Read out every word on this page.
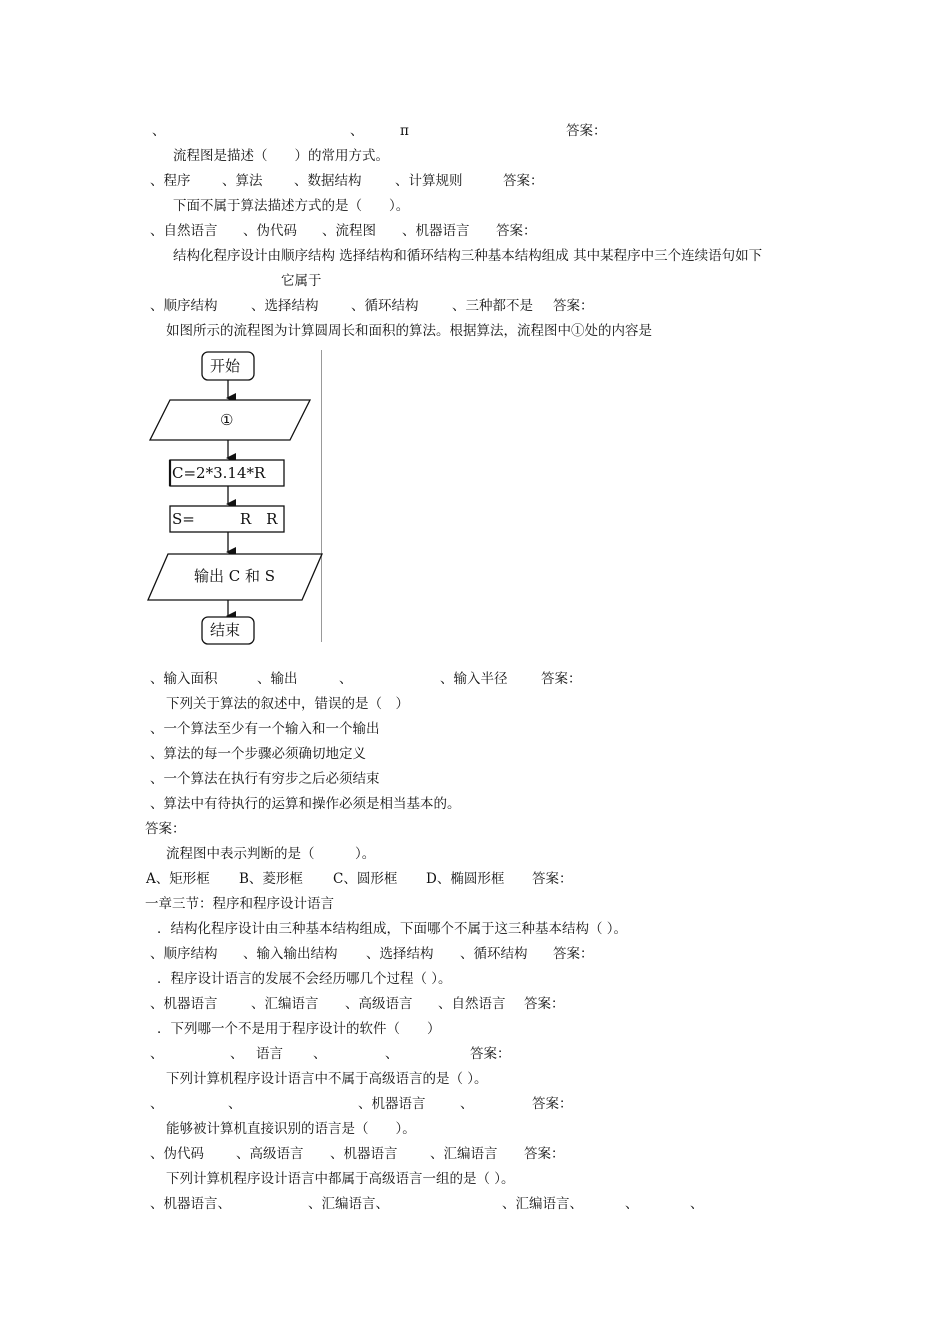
、	、	π	答案：
流程图是描述（　　）的常用方式。
、程序 、算法 、数据结构 、计算规则	答案：
下面不属于算法描述方式的是（　　）。
、自然语言 、伪代码 、流程图 、机器语言 答案：
结构化程序设计由顺序结构 选择结构和循环结构三种基本结构组成 其中某程序中三个连续语句如下
它属于
、顺序结构 、选择结构 、循环结构 、三种都不是 答案：
如图所示的流程图为计算圆周长和面积的算法。根据算法，流程图中①处的内容是
、输入面积	、输出	、	、输入半径 答案：
下列关于算法的叙述中，错误的是（　）
、一个算法至少有一个输入和一个输出
、算法的每一个步骤必须确切地定义
、一个算法在执行有穷步之后必须结束
、算法中有待执行的运算和操作必须是相当基本的。
答案：
流程图中表示判断的是（　　　）。
A、矩形框 B、菱形框 C、圆形框 D、椭圆形框 答案：
一章三节：程序和程序设计语言
．结构化程序设计由三种基本结构组成，下面哪个不属于这三种基本结构（ ）。
、顺序结构 、输入输出结构 、选择结构 、循环结构 答案：
．程序设计语言的发展不会经历哪几个过程（ ）。
、机器语言 、汇编语言 、高级语言 、自然语言 答案：
．下列哪一个不是用于程序设计的软件（　　）
、	、 语言 、	、	答案：
下列计算机程序设计语言中不属于高级语言的是（ ）。
、	、	、机器语言	、	答案：
能够被计算机直接识别的语言是（　　）。
、伪代码 、高级语言 、机器语言 、汇编语言 答案：
下列计算机程序设计语言中都属于高级语言一组的是（ ）。
、机器语言、	、汇编语言、	、汇编语言、	、	、
开始
①
C=2*3.14*R
S=　　　R　R
输出 C 和 S
结束
